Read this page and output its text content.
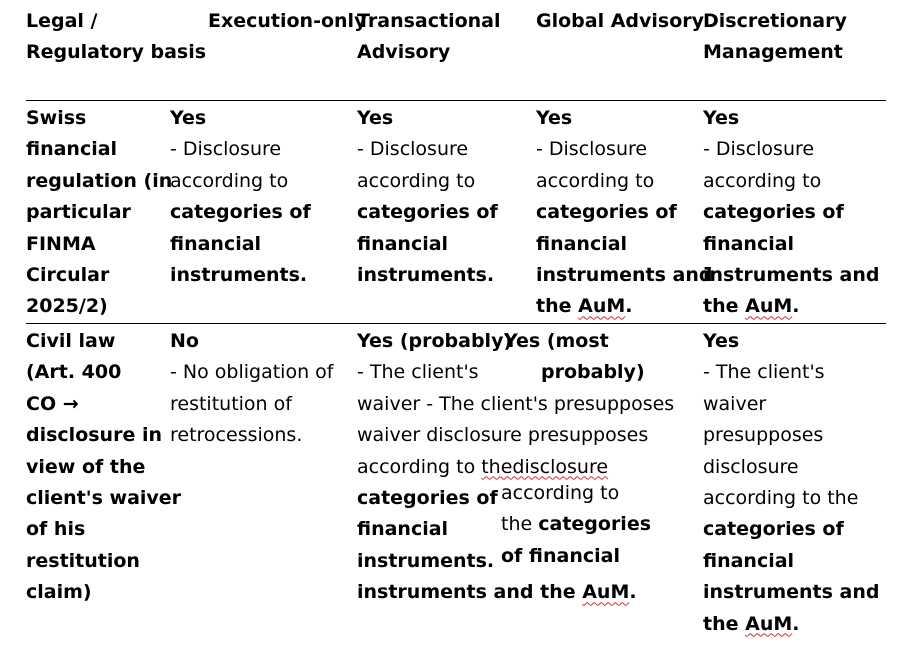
Legal /
Regulatory basis
Execution-only
Transactional
Advisory
Global Advisory
Discretionary
Management
Swiss
financial
regulation (in
particular
FINMA
Circular
2025/2)
Yes
- Disclosure
according to
categories of
financial
instruments.
Yes
- Disclosure
according to
categories of
financial
instruments.
Yes
- Disclosure
according to
categories of
financial
instruments and
the AuM.
Yes
- Disclosure
according to
categories of
financial
instruments and
the AuM.
Civil law
(Art. 400
CO →
disclosure in
view of the
client's waiver
of his
restitution
claim)
No
- No obligation of
restitution of
retrocessions.
Yes (probably)
- The client's
waiver - The client's presupposes
waiver disclosure presupposes
according to thedisclosure
categories of
financial
instruments.
instruments and the AuM.
Yes (most
probably)
according to
the categories
of financial
Yes
- The client's
waiver
presupposes
disclosure
according to the
categories of
financial
instruments and
the AuM.
